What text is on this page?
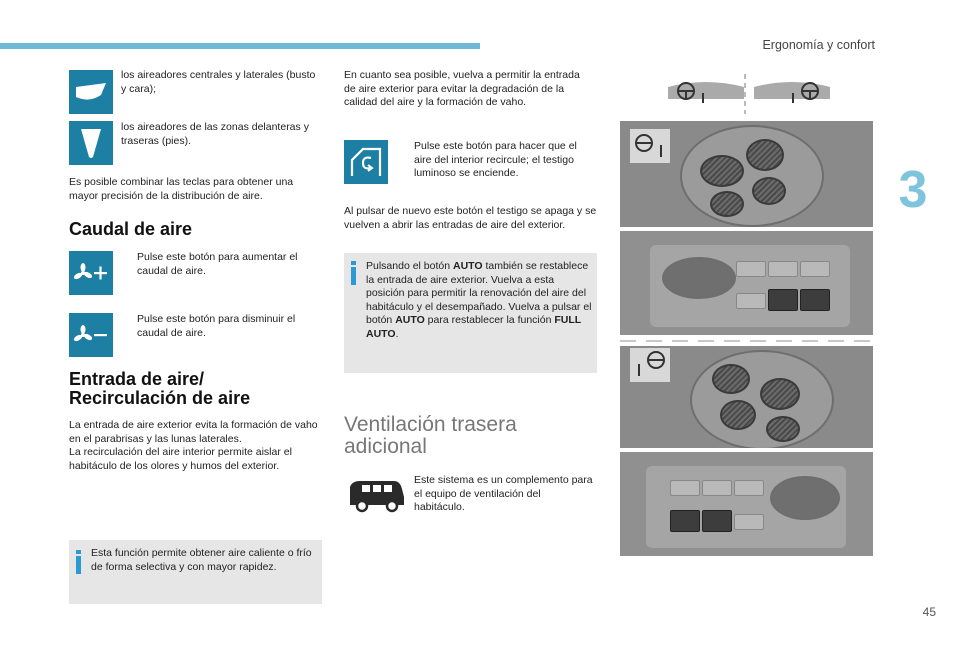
Ergonomía y confort
3
45
los aireadores centrales y laterales (busto y cara);
los aireadores de las zonas delanteras y traseras (pies).
Es posible combinar las teclas para obtener una mayor precisión de la distribución de aire.
Caudal de aire
Pulse este botón para aumentar el caudal de aire.
Pulse este botón para disminuir el caudal de aire.
Entrada de aire/
Recirculación de aire
La entrada de aire exterior evita la formación de vaho en el parabrisas y las lunas laterales.
La recirculación del aire interior permite aislar el habitáculo de los olores y humos del exterior.
Esta función permite obtener aire caliente o frío de forma selectiva y con mayor rapidez.
En cuanto sea posible, vuelva a permitir la entrada de aire exterior para evitar la degradación de la calidad del aire y la formación de vaho.
Pulse este botón para hacer que el aire del interior recircule; el testigo luminoso se enciende.
Al pulsar de nuevo este botón el testigo se apaga y se vuelven a abrir las entradas de aire del exterior.
Pulsando el botón AUTO también se restablece la entrada de aire exterior. Vuelva a esta posición para permitir la renovación del aire del habitáculo y el desempañado. Vuelva a pulsar el botón AUTO para restablecer la función FULL AUTO.
Ventilación trasera
adicional
Este sistema es un complemento para el equipo de ventilación del habitáculo.
